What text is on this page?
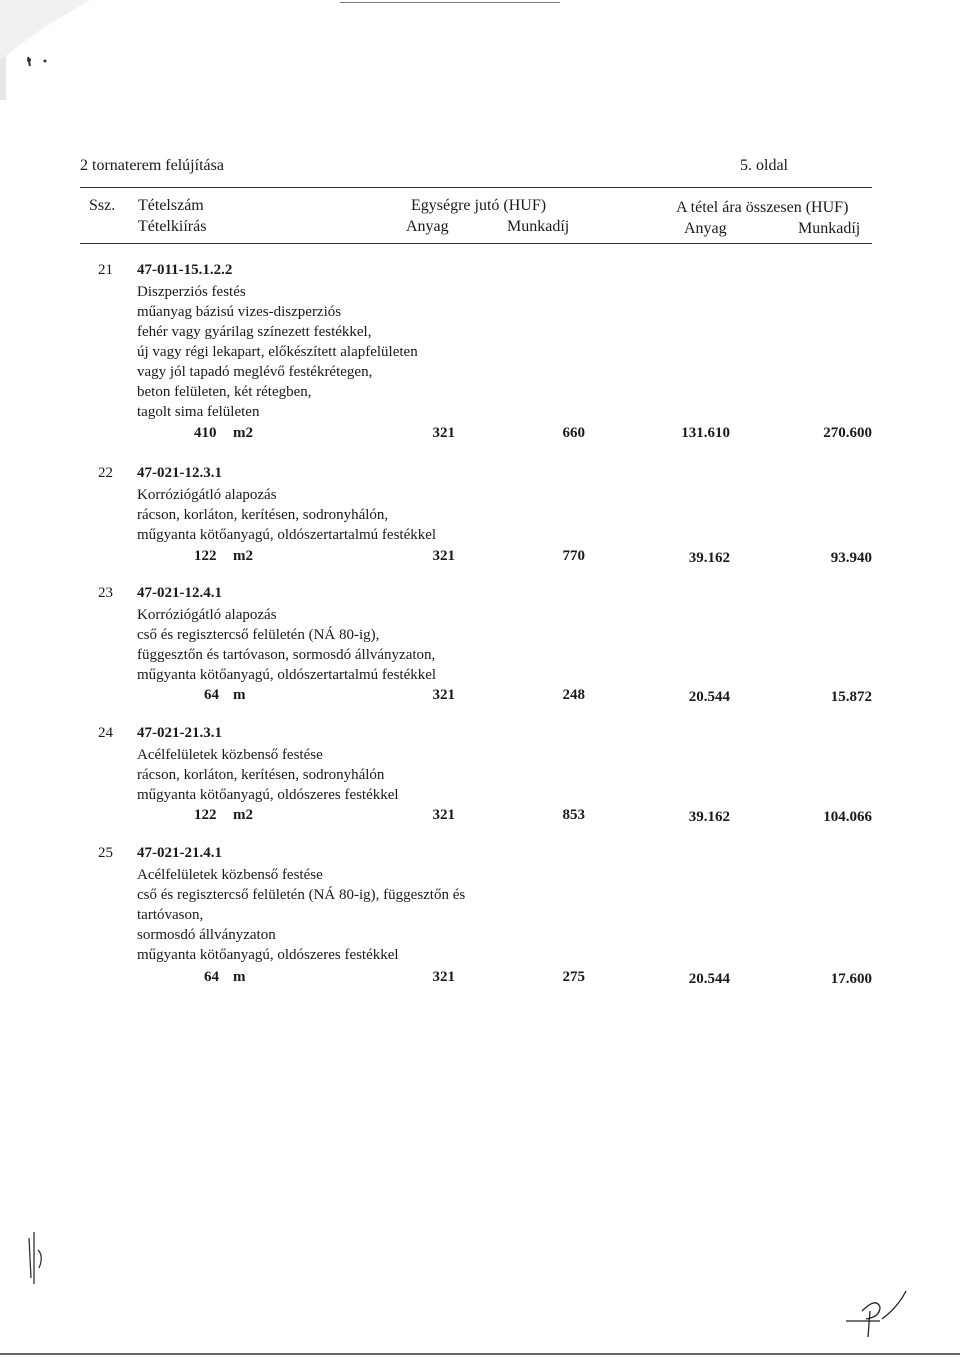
2 tornaterem felújítása	5. oldal
Ssz. Tételszám
Tételkiírás
Egységre jutó (HUF)
Anyag	Munkadíj
A tétel ára összesen (HUF)
Anyag	Munkadíj
21 47-011-15.1.2.2
Diszperziós festés
műanyag bázisú vizes-diszperziós
fehér vagy gyárilag színezett festékkel,
új vagy régi lekapart, előkészített alapfelületen
vagy jól tapadó meglévő festékrétegen,
beton felületen, két rétegben,
tagolt sima felületen
410 m2	321	660	131.610	270.600
22 47-021-12.3.1
Korróziógátló alapozás
rácson, korláton, kerítésen, sodronyhálón,
műgyanta kötőanyagú, oldószertartalmú festékkel
122 m2	321	770	39.162	93.940
23 47-021-12.4.1
Korróziógátló alapozás
cső és regisztercső felületén (NÁ 80-ig),
függesztőn és tartóvason, sormosdó állványzaton,
műgyanta kötőanyagú, oldószertartalmú festékkel
64 m	321	248	20.544	15.872
24 47-021-21.3.1
Acélfelületek közbenső festése
rácson, korláton, kerítésen, sodronyhálón
műgyanta kötőanyagú, oldószeres festékkel
122 m2	321	853	39.162	104.066
25 47-021-21.4.1
Acélfelületek közbenső festése
cső és regisztercső felületén (NÁ 80-ig), függesztőn és
tartóvason,
sormosdó állványzaton
műgyanta kötőanyagú, oldószeres festékkel
64 m	321	275	20.544	17.600
